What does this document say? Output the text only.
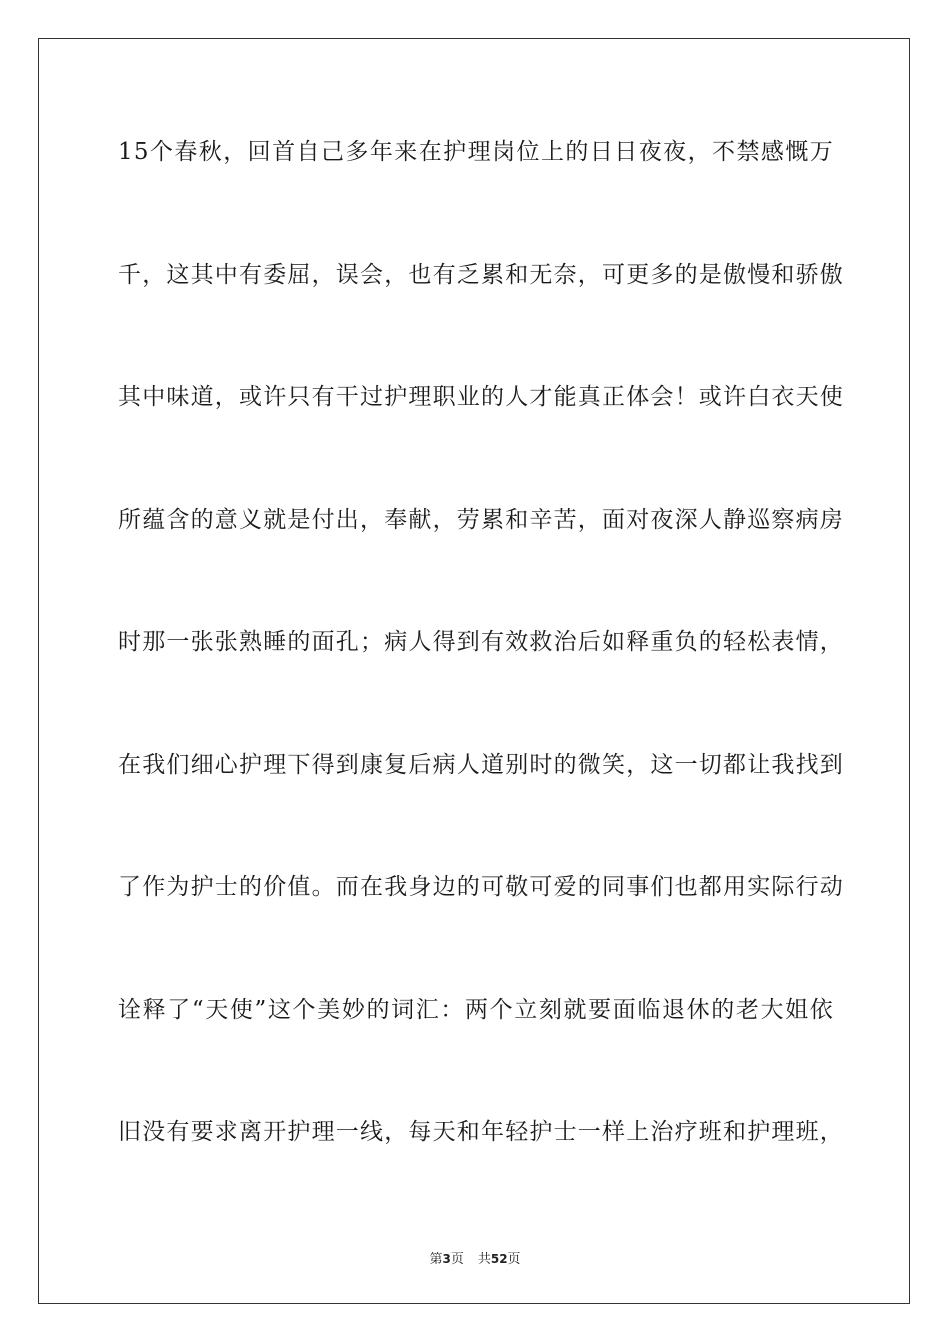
15个春秋，回首自己多年来在护理岗位上的日日夜夜，不禁感慨万
千，这其中有委屈，误会，也有乏累和无奈，可更多的是傲慢和骄傲
其中味道，或许只有干过护理职业的人才能真正体会！或许白衣天使
所蕴含的意义就是付出，奉献，劳累和辛苦，面对夜深人静巡察病房
时那一张张熟睡的面孔；病人得到有效救治后如释重负的轻松表情，
在我们细心护理下得到康复后病人道别时的微笑，这一切都让我找到
了作为护士的价值。而在我身边的可敬可爱的同事们也都用实际行动
诠释了“天使”这个美妙的词汇：两个立刻就要面临退休的老大姐依
旧没有要求离开护理一线，每天和年轻护士一样上治疗班和护理班，
第3页 共52页
